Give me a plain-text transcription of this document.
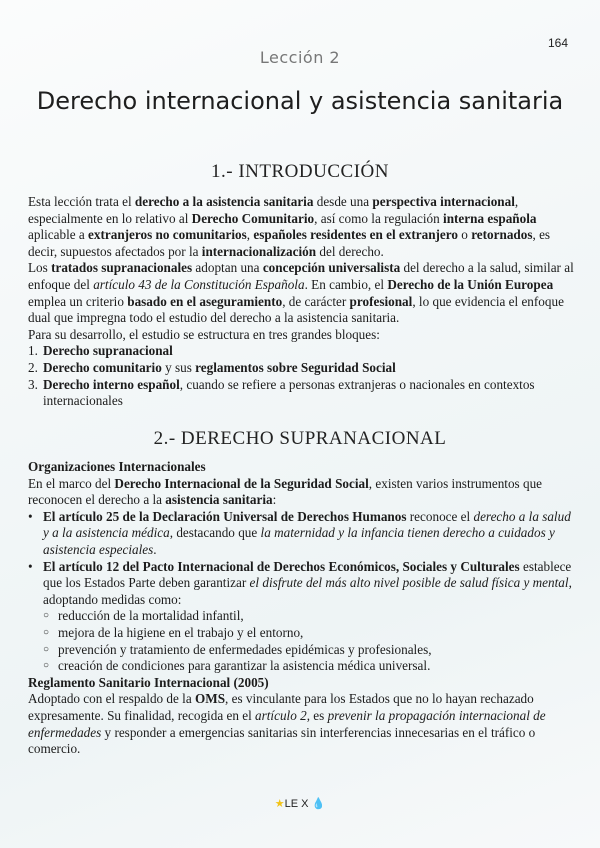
164
Lección 2
Derecho internacional y asistencia sanitaria
1.- INTRODUCCIÓN

Esta lección trata el derecho a la asistencia sanitaria desde una perspectiva internacional, especialmente en lo relativo al Derecho Comunitario, así como la regulación interna española aplicable a extranjeros no comunitarios, españoles residentes en el extranjero o retornados, es decir, supuestos afectados por la internacionalización del derecho.

Los tratados supranacionales adoptan una concepción universalista del derecho a la salud, similar al enfoque del artículo 43 de la Constitución Española. En cambio, el Derecho de la Unión Europea emplea un criterio basado en el aseguramiento, de carácter profesional, lo que evidencia el enfoque dual que impregna todo el estudio del derecho a la asistencia sanitaria.

Para su desarrollo, el estudio se estructura en tres grandes bloques:

1. Derecho supranacional
2. Derecho comunitario y sus reglamentos sobre Seguridad Social
3. Derecho interno español, cuando se refiere a personas extranjeras o nacionales en contextos internacionales
2.- DERECHO SUPRANACIONAL

Organizaciones Internacionales

En el marco del Derecho Internacional de la Seguridad Social, existen varios instrumentos que reconocen el derecho a la asistencia sanitaria:

• El artículo 25 de la Declaración Universal de Derechos Humanos reconoce el derecho a la salud y a la asistencia médica, destacando que la maternidad y la infancia tienen derecho a cuidados y asistencia especiales.
• El artículo 12 del Pacto Internacional de Derechos Económicos, Sociales y Culturales establece que los Estados Parte deben garantizar el disfrute del más alto nivel posible de salud física y mental, adoptando medidas como:
○ reducción de la mortalidad infantil,
○ mejora de la higiene en el trabajo y el entorno,
○ prevención y tratamiento de enfermedades epidémicas y profesionales,
○ creación de condiciones para garantizar la asistencia médica universal.

Reglamento Sanitario Internacional (2005)

Adoptado con el respaldo de la OMS, es vinculante para los Estados que no lo hayan rechazado expresamente. Su finalidad, recogida en el artículo 2, es prevenir la propagación internacional de enfermedades y responder a emergencias sanitarias sin interferencias innecesarias en el tráfico o comercio.

★LE X 💧
